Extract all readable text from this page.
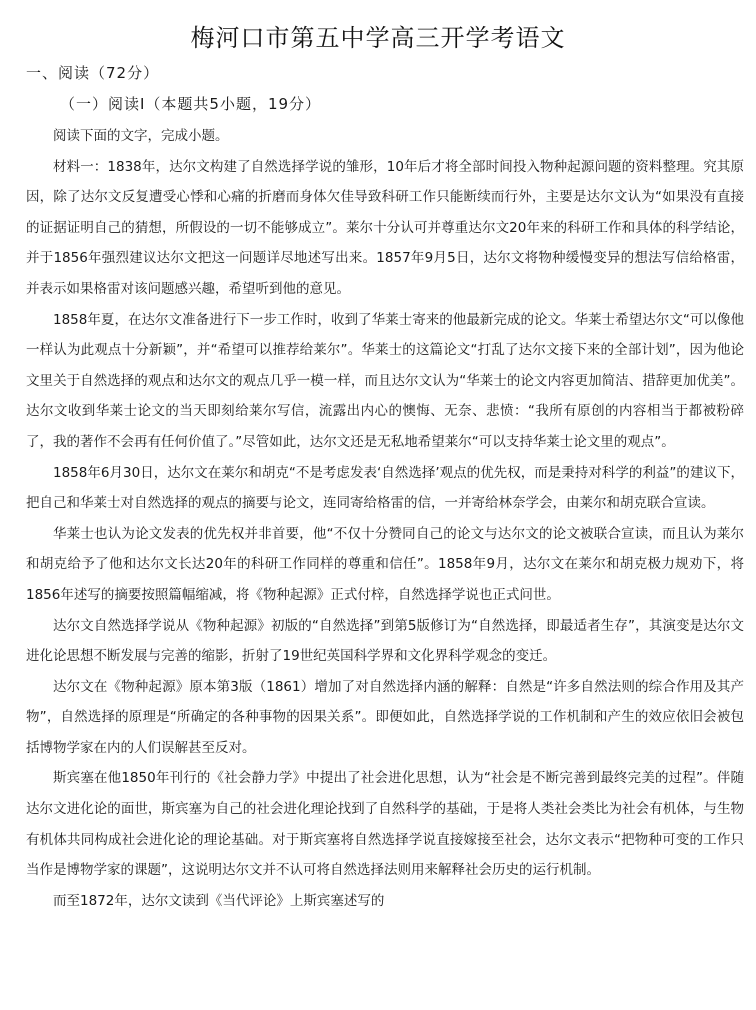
梅河口市第五中学高三开学考语文
一、阅读（72分）
（一）阅读Ⅰ（本题共5小题，19分）

阅读下面的文字，完成小题。

材料一：1838年，达尔文构建了自然选择学说的雏形，10年后才将全部时间投入物种起源问题的资料整理。究其原因，除了达尔文反复遭受心悸和心痛的折磨而身体欠佳导致科研工作只能断续而行外，主要是达尔文认为“如果没有直接的证据证明自己的猜想，所假设的一切不能够成立”。莱尔十分认可并尊重达尔文20年来的科研工作和具体的科学结论，并于1856年强烈建议达尔文把这一问题详尽地述写出来。1857年9月5日，达尔文将物种缓慢变异的想法写信给格雷，并表示如果格雷对该问题感兴趣，希望听到他的意见。

1858年夏，在达尔文准备进行下一步工作时，收到了华莱士寄来的他最新完成的论文。华莱士希望达尔文“可以像他一样认为此观点十分新颖”，并“希望可以推荐给莱尔”。华莱士的这篇论文“打乱了达尔文接下来的全部计划”，因为他论文里关于自然选择的观点和达尔文的观点几乎一模一样，而且达尔文认为“华莱士的论文内容更加简洁、措辞更加优美”。达尔文收到华莱士论文的当天即刻给莱尔写信，流露出内心的懊悔、无奈、悲愤：“我所有原创的内容相当于都被粉碎了，我的著作不会再有任何价值了。”尽管如此，达尔文还是无私地希望莱尔“可以支持华莱士论文里的观点”。

1858年6月30日，达尔文在莱尔和胡克“不是考虑发表‘自然选择’观点的优先权，而是秉持对科学的利益”的建议下，把自己和华莱士对自然选择的观点的摘要与论文，连同寄给格雷的信，一并寄给林奈学会，由莱尔和胡克联合宣读。

华莱士也认为论文发表的优先权并非首要，他“不仅十分赞同自己的论文与达尔文的论文被联合宣读，而且认为莱尔和胡克给予了他和达尔文长达20年的科研工作同样的尊重和信任”。1858年9月，达尔文在莱尔和胡克极力规劝下，将1856年述写的摘要按照篇幅缩减，将《物种起源》正式付梓，自然选择学说也正式问世。

达尔文自然选择学说从《物种起源》初版的“自然选择”到第5版修订为“自然选择，即最适者生存”，其演变是达尔文进化论思想不断发展与完善的缩影，折射了19世纪英国科学界和文化界科学观念的变迁。

达尔文在《物种起源》原本第3版（1861）增加了对自然选择内涵的解释：自然是“许多自然法则的综合作用及其产物”，自然选择的原理是“所确定的各种事物的因果关系”。即便如此，自然选择学说的工作机制和产生的效应依旧会被包括博物学家在内的人们误解甚至反对。

斯宾塞在他1850年刊行的《社会静力学》中提出了社会进化思想，认为“社会是不断完善到最终完美的过程”。伴随达尔文进化论的面世，斯宾塞为自己的社会进化理论找到了自然科学的基础，于是将人类社会类比为社会有机体，与生物有机体共同构成社会进化论的理论基础。对于斯宾塞将自然选择学说直接嫁接至社会，达尔文表示“把物种可变的工作只当作是博物学家的课题”，这说明达尔文并不认可将自然选择法则用来解释社会历史的运行机制。

而至1872年，达尔文读到《当代评论》上斯宾塞述写的
